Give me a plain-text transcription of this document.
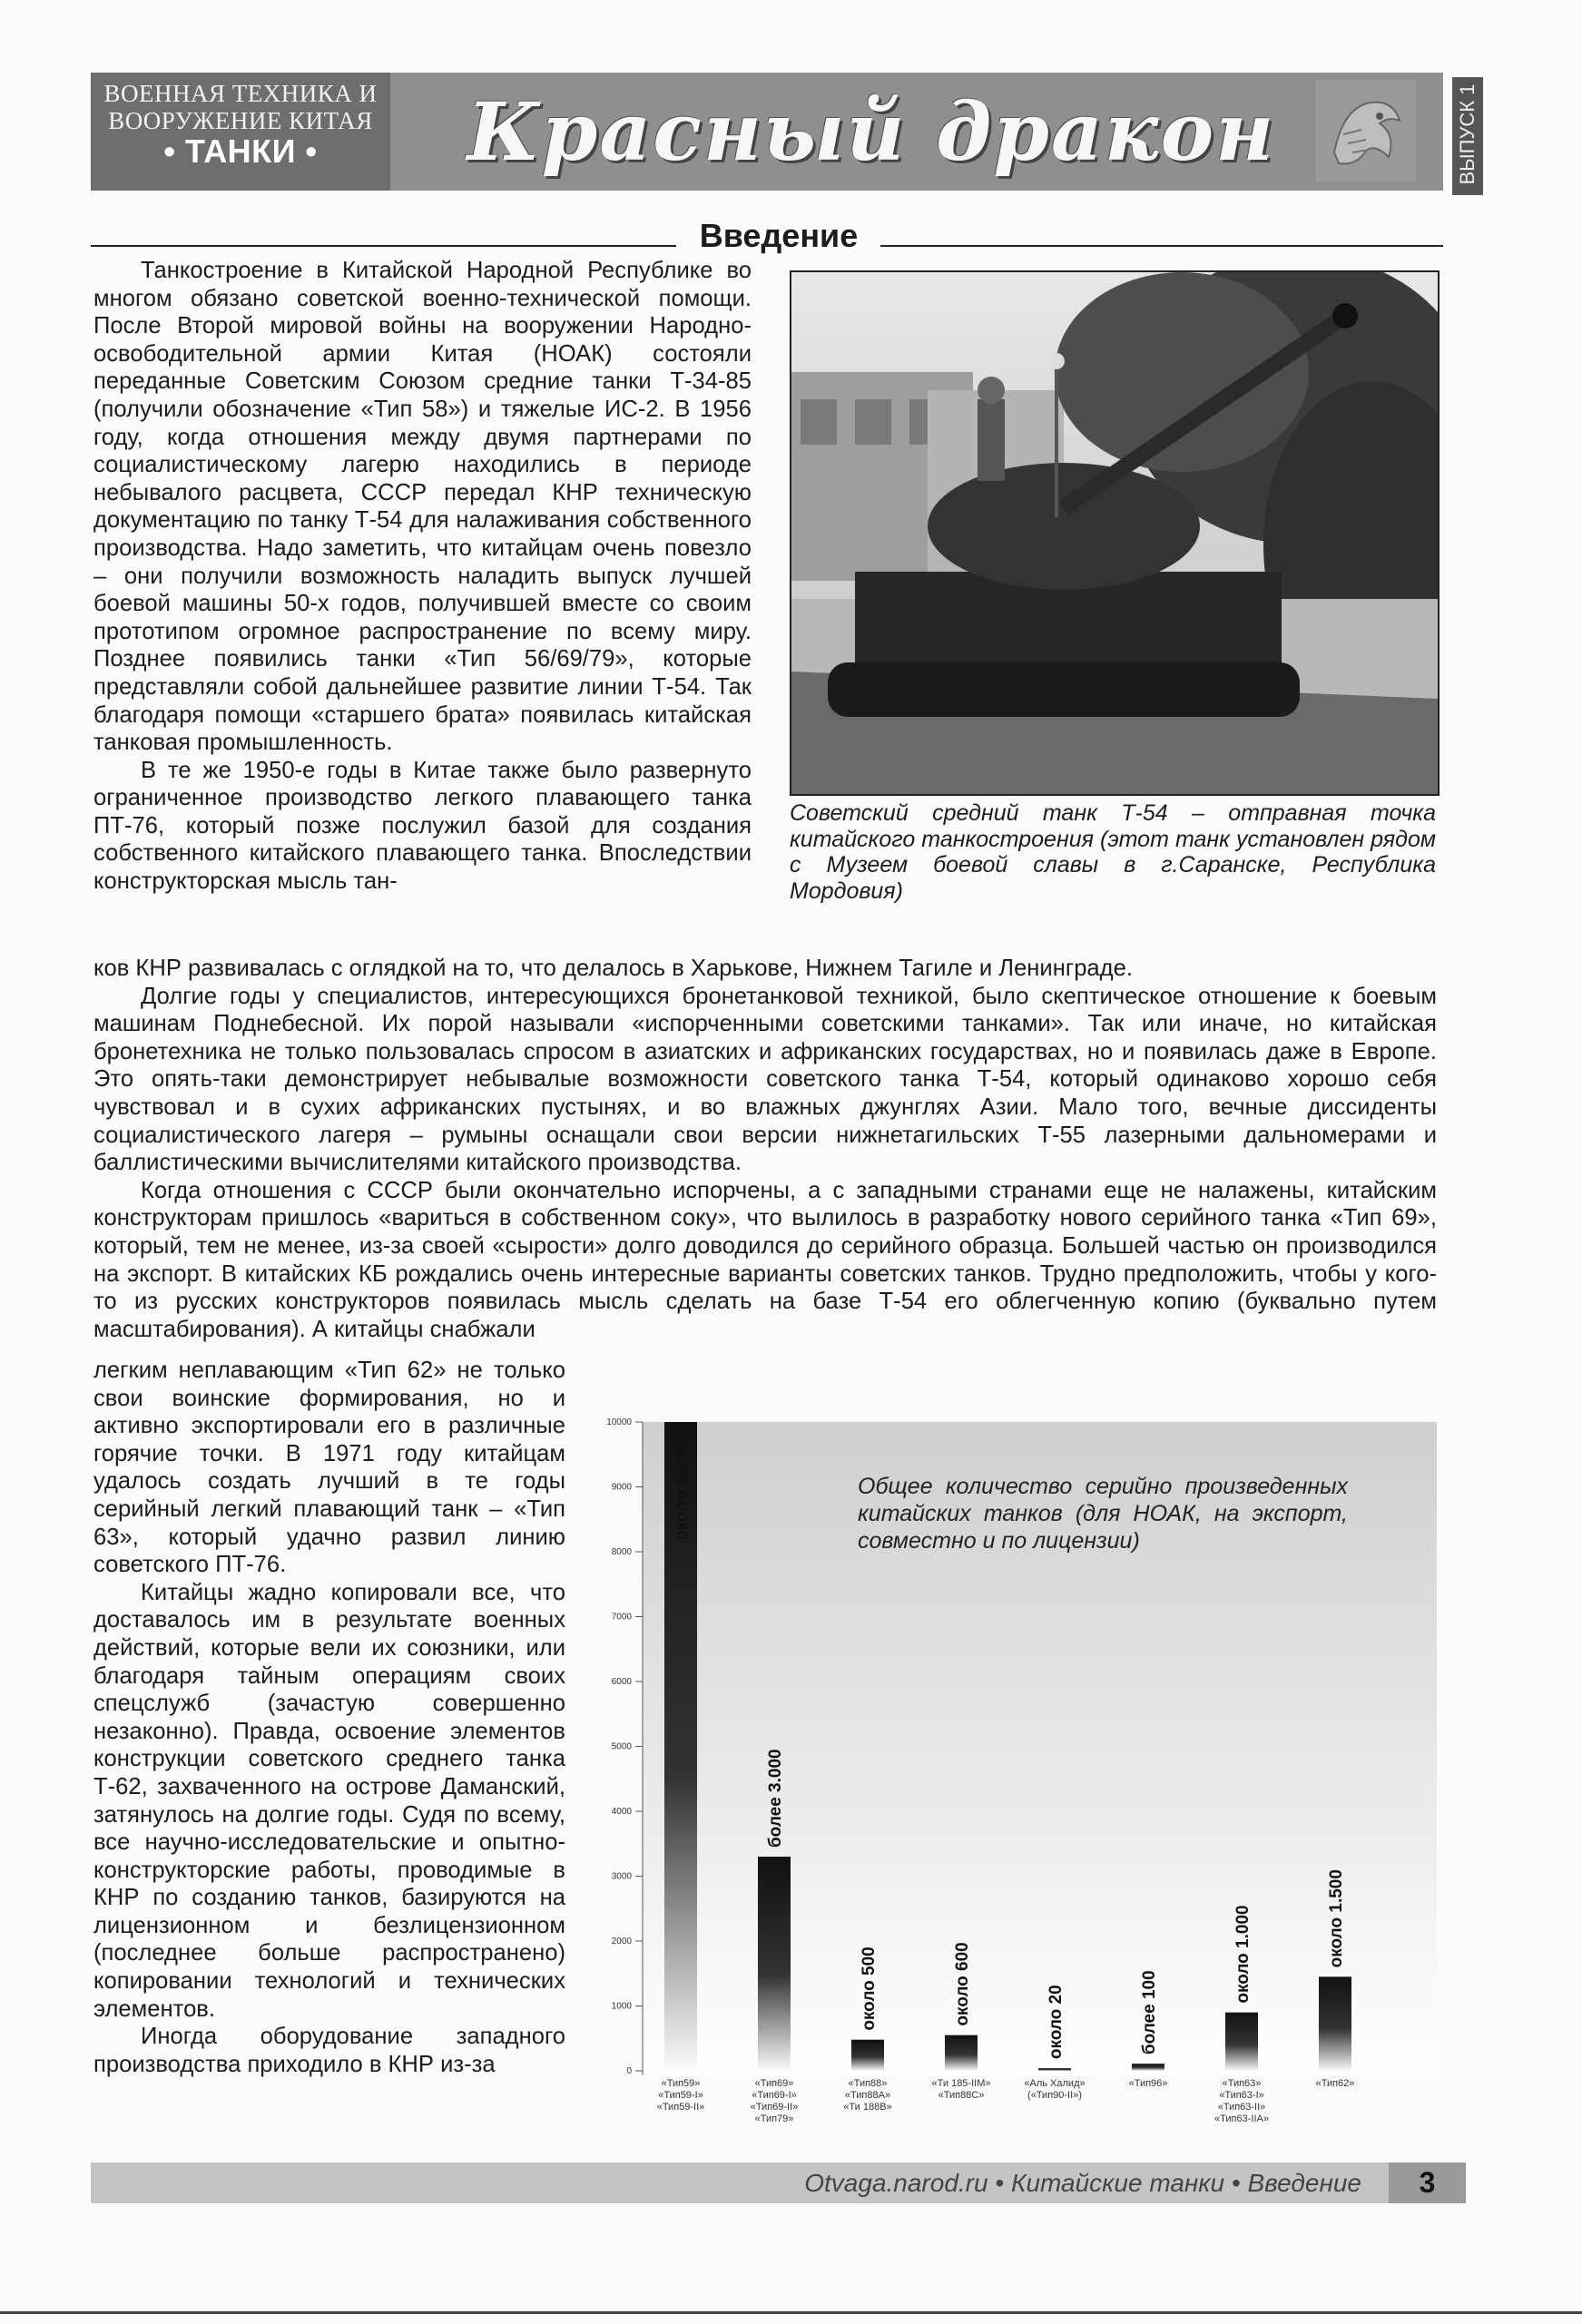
ВОЕННАЯ ТЕХНИКА И
ВООРУЖЕНИЕ КИТАЯ
• ТАНКИ •	Красный дракон	ВЫПУСК 1
Введение

Танкостроение в Китайской Народной Республике во многом обязано советской военно-технической помощи. После Второй мировой войны на вооружении Народно-освободительной армии Китая (НОАК) состояли переданные Советским Союзом средние танки Т-34-85 (получили обозначение «Тип 58») и тяжелые ИС-2. В 1956 году, когда отношения между двумя партнерами по социалистическому лагерю находились в периоде небывалого расцвета, СССР передал КНР техническую документацию по танку Т-54 для налаживания собственного производства. Надо заметить, что китайцам очень повезло – они получили возможность наладить выпуск лучшей боевой машины 50-х годов, получившей вместе со своим прототипом огромное распространение по всему миру. Позднее появились танки «Тип 56/69/79», которые представляли собой дальнейшее развитие линии Т-54. Так благодаря помощи «старшего брата» появилась китайская танковая промышленность.

В те же 1950-е годы в Китае также было развернуто ограниченное производство легкого плавающего танка ПТ-76, который позже послужил базой для создания собственного китайского плавающего танка. Впоследствии конструкторская мысль тан-

Советский средний танк Т-54 – отправная точка китайского танкостроения (этот танк установлен рядом с Музеем боевой славы в г.Саранске, Республика Мордовия)

ков КНР развивалась с оглядкой на то, что делалось в Харькове, Нижнем Тагиле и Ленинграде.

Долгие годы у специалистов, интересующихся бронетанковой техникой, было скептическое отношение к боевым машинам Поднебесной. Их порой называли «испорченными советскими танками». Так или иначе, но китайская бронетехника не только пользовалась спросом в азиатских и африканских государствах, но и появилась даже в Европе. Это опять-таки демонстрирует небывалые возможности советского танка Т-54, который одинаково хорошо себя чувствовал и в сухих африканских пустынях, и во влажных джунглях Азии. Мало того, вечные диссиденты социалистического лагеря – румыны оснащали свои версии нижнетагильских Т-55 лазерными дальномерами и баллистическими вычислителями китайского производства.

Когда отношения с СССР были окончательно испорчены, а с западными странами еще не налажены, китайским конструкторам пришлось «вариться в собственном соку», что вылилось в разработку нового серийного танка «Тип 69», который, тем не менее, из-за своей «сырости» долго доводился до серийного образца. Большей частью он производился на экспорт. В китайских КБ рождались очень интересные варианты советских танков. Трудно предположить, чтобы у кого-то из русских конструкторов появилась мысль сделать на базе Т-54 его облегченную копию (буквально путем масштабирования). А китайцы снабжали

легким неплавающим «Тип 62» не только свои воинские формирования, но и активно экспортировали его в различные горячие точки. В 1971 году китайцам удалось создать лучший в те годы серийный легкий плавающий танк – «Тип 63», который удачно развил линию советского ПТ-76.

Китайцы жадно копировали все, что доставалось им в результате военных действий, которые вели их союзники, или благодаря тайным операциям своих спецслужб (зачастую совершенно незаконно). Правда, освоение элементов конструкции советского среднего танка Т-62, захваченного на острове Даманский, затянулось на долгие годы. Судя по всему, все научно-исследовательские и опытно-конструкторские работы, проводимые в КНР по созданию танков, базируются на лицензионном и безлицензионном (последнее больше распространено) копировании технологий и технических элементов.

Иногда оборудование западного производства приходило в КНР из-за	0
1000
2000
3000
4000
5000
6000
7000
8000
9000
10000
около 10.000
более 3.000
около 500	около 600	около 20	более 100
около 1.000	около 1.500
«Тип59»
«Тип59-I»
«Тип59-II»
«Тип69»
«Тип69-I»
«Тип69-II»
«Тип79»
«Тип88»
«Тип88А»
«Ти 188В»
«Ти 185-IIМ»
«Тип88С»
«Аль Халид»
(«Тип90-II»)
«Тип96»	«Тип63»
«Тип63-I»
«Тип63-II»
«Тип63-IIА»
«Тип62»
Общее количество серийно произведенных китайских танков (для НОАК, на экспорт, совместно и по лицензии)
Otvaga.narod.ru • Китайские танки • Введение	3
